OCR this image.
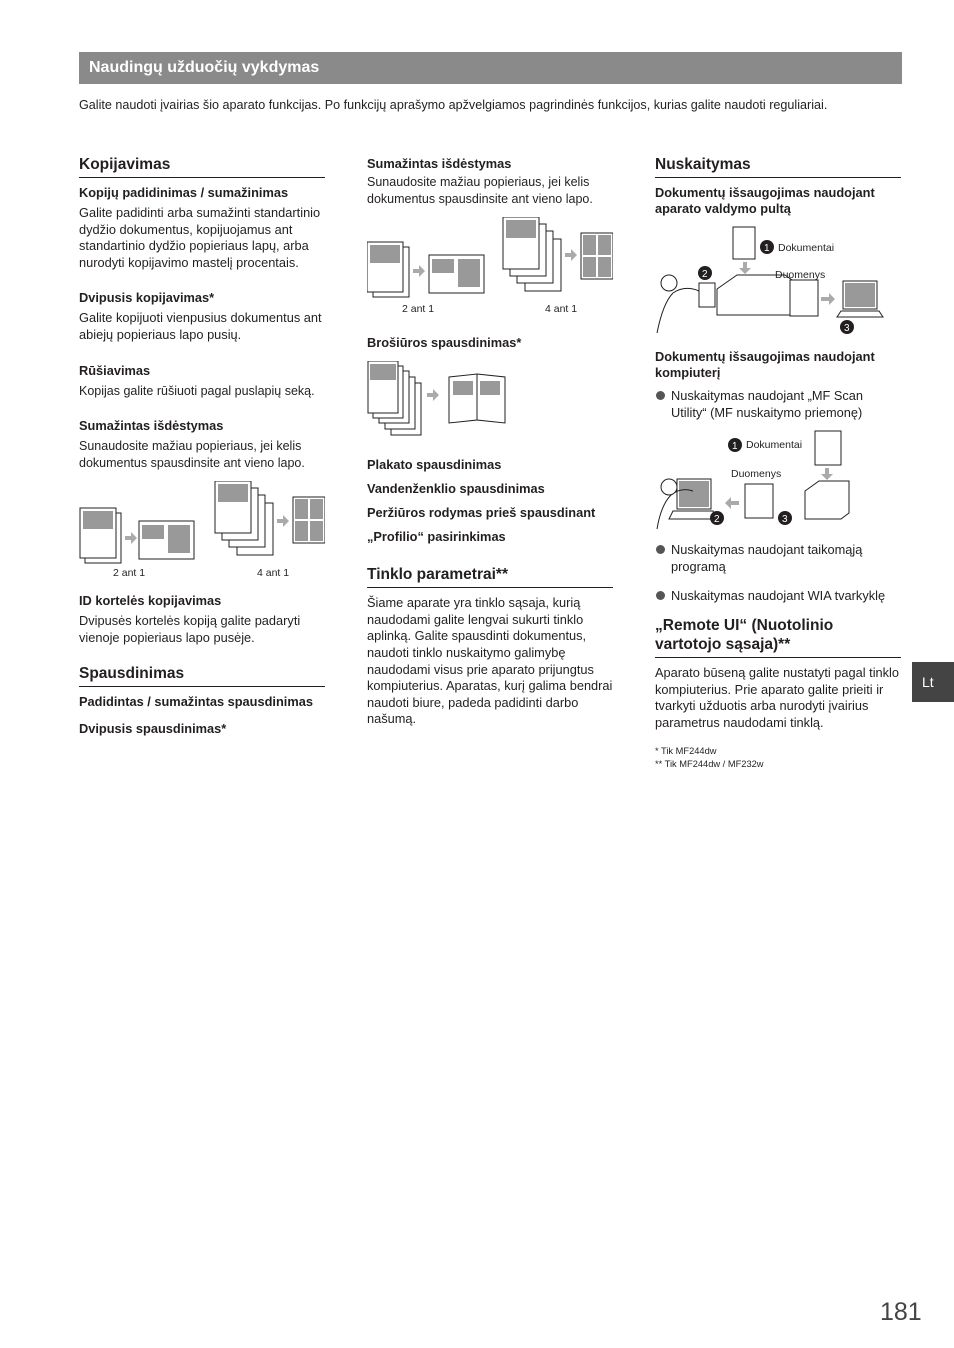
Naudingų užduočių vykdymas
Galite naudoti įvairias šio aparato funkcijas. Po funkcijų aprašymo apžvelgiamos pagrindinės funkcijos, kurias galite naudoti reguliariai.
Kopijavimas
Kopijų padidinimas / sumažinimas
Galite padidinti arba sumažinti standartinio dydžio dokumentus, kopijuojamus ant standartinio dydžio popieriaus lapų, arba nurodyti kopijavimo mastelį procentais.
Dvipusis kopijavimas*
Galite kopijuoti vienpusius dokumentus ant abiejų popieriaus lapo pusių.
Rūšiavimas
Kopijas galite rūšiuoti pagal puslapių seką.
Sumažintas išdėstymas
Sunaudosite mažiau popieriaus, jei kelis dokumentus spausdinsite ant vieno lapo.
2 ant 1	4 ant 1
ID kortelės kopijavimas
Dvipusės kortelės kopiją galite padaryti vienoje popieriaus lapo pusėje.
Spausdinimas
Padidintas / sumažintas spausdinimas
Dvipusis spausdinimas*
Sumažintas išdėstymas
Sunaudosite mažiau popieriaus, jei kelis dokumentus spausdinsite ant vieno lapo.
2 ant 1	4 ant 1
Brošiūros spausdinimas*
Plakato spausdinimas
Vandenženklio spausdinimas
Peržiūros rodymas prieš spausdinant
„Profilio“ pasirinkimas
Tinklo parametrai**
Šiame aparate yra tinklo sąsaja, kurią naudodami galite lengvai sukurti tinklo aplinką. Galite spausdinti dokumentus, naudoti tinklo nuskaitymo galimybę naudodami visus prie aparato prijungtus kompiuterius. Aparatas, kurį galima bendrai naudoti biure, padeda padidinti darbo našumą.
Nuskaitymas
Dokumentų išsaugojimas naudojant aparato valdymo pultą
1
2
3
Dokumentai
Duomenys
Dokumentų išsaugojimas naudojant kompiuterį
Nuskaitymas naudojant „MF Scan Utility“ (MF nuskaitymo priemonę)
1
2	3
Dokumentai
Duomenys
Nuskaitymas naudojant taikomąją programą
Nuskaitymas naudojant WIA tvarkyklę
„Remote UI“ (Nuotolinio vartotojo sąsaja)**
Aparato būseną galite nustatyti pagal tinklo kompiuterius. Prie aparato galite prieiti ir tvarkyti užduotis arba nurodyti įvairius parametrus naudodami tinklą.
* Tik MF244dw
** Tik MF244dw / MF232w
Lt
181
